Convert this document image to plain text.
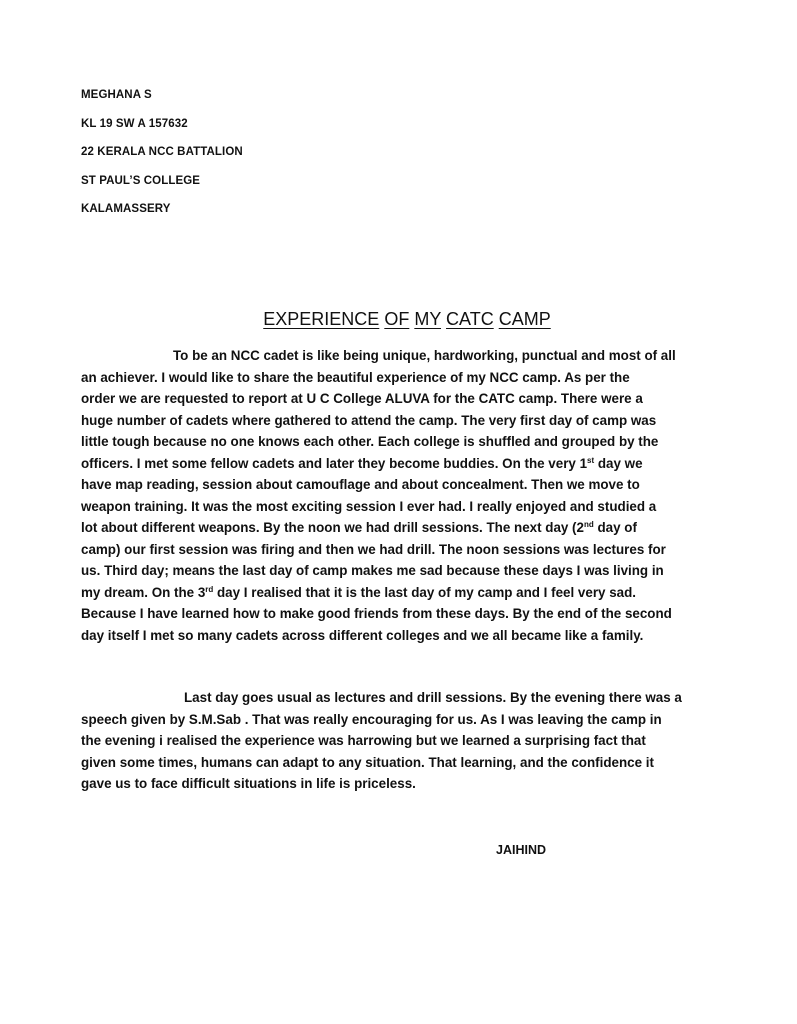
MEGHANA S
KL 19 SW A 157632
22 KERALA NCC BATTALION
ST PAUL’S COLLEGE
KALAMASSERY
EXPERIENCE OF MY CATC CAMP
To be an NCC cadet is like being unique, hardworking, punctual and most of all
an achiever. I would like to share the beautiful experience of my NCC camp. As per the
order we are requested to report at U C College ALUVA for the CATC camp. There were a
huge number of cadets where gathered to attend the camp. The very first day of camp was
little tough because no one knows each other. Each college is shuffled and grouped by the
officers. I met some fellow cadets and later they become buddies. On the very 1st day we
have map reading, session about camouflage and about concealment. Then we move to
weapon training. It was the most exciting session I ever had. I really enjoyed and studied a
lot about different weapons. By the noon we had drill sessions. The next day (2nd day of
camp) our first session was firing and then we had drill. The noon sessions was lectures for
us. Third day; means the last day of camp makes me sad because these days I was living in
my dream. On the 3rd day I realised that it is the last day of my camp and I feel very sad.
Because I have learned how to make good friends from these days. By the end of the second
day itself I met so many cadets across different colleges and we all became like a family.
Last day goes usual as lectures and drill sessions. By the evening there was a
speech given by S.M.Sab . That was really encouraging for us. As I was leaving the camp in
the evening i realised the experience was harrowing but we learned a surprising fact that
given some times, humans can adapt to any situation. That learning, and the confidence it
gave us to face difficult situations in life is priceless.
JAIHIND
